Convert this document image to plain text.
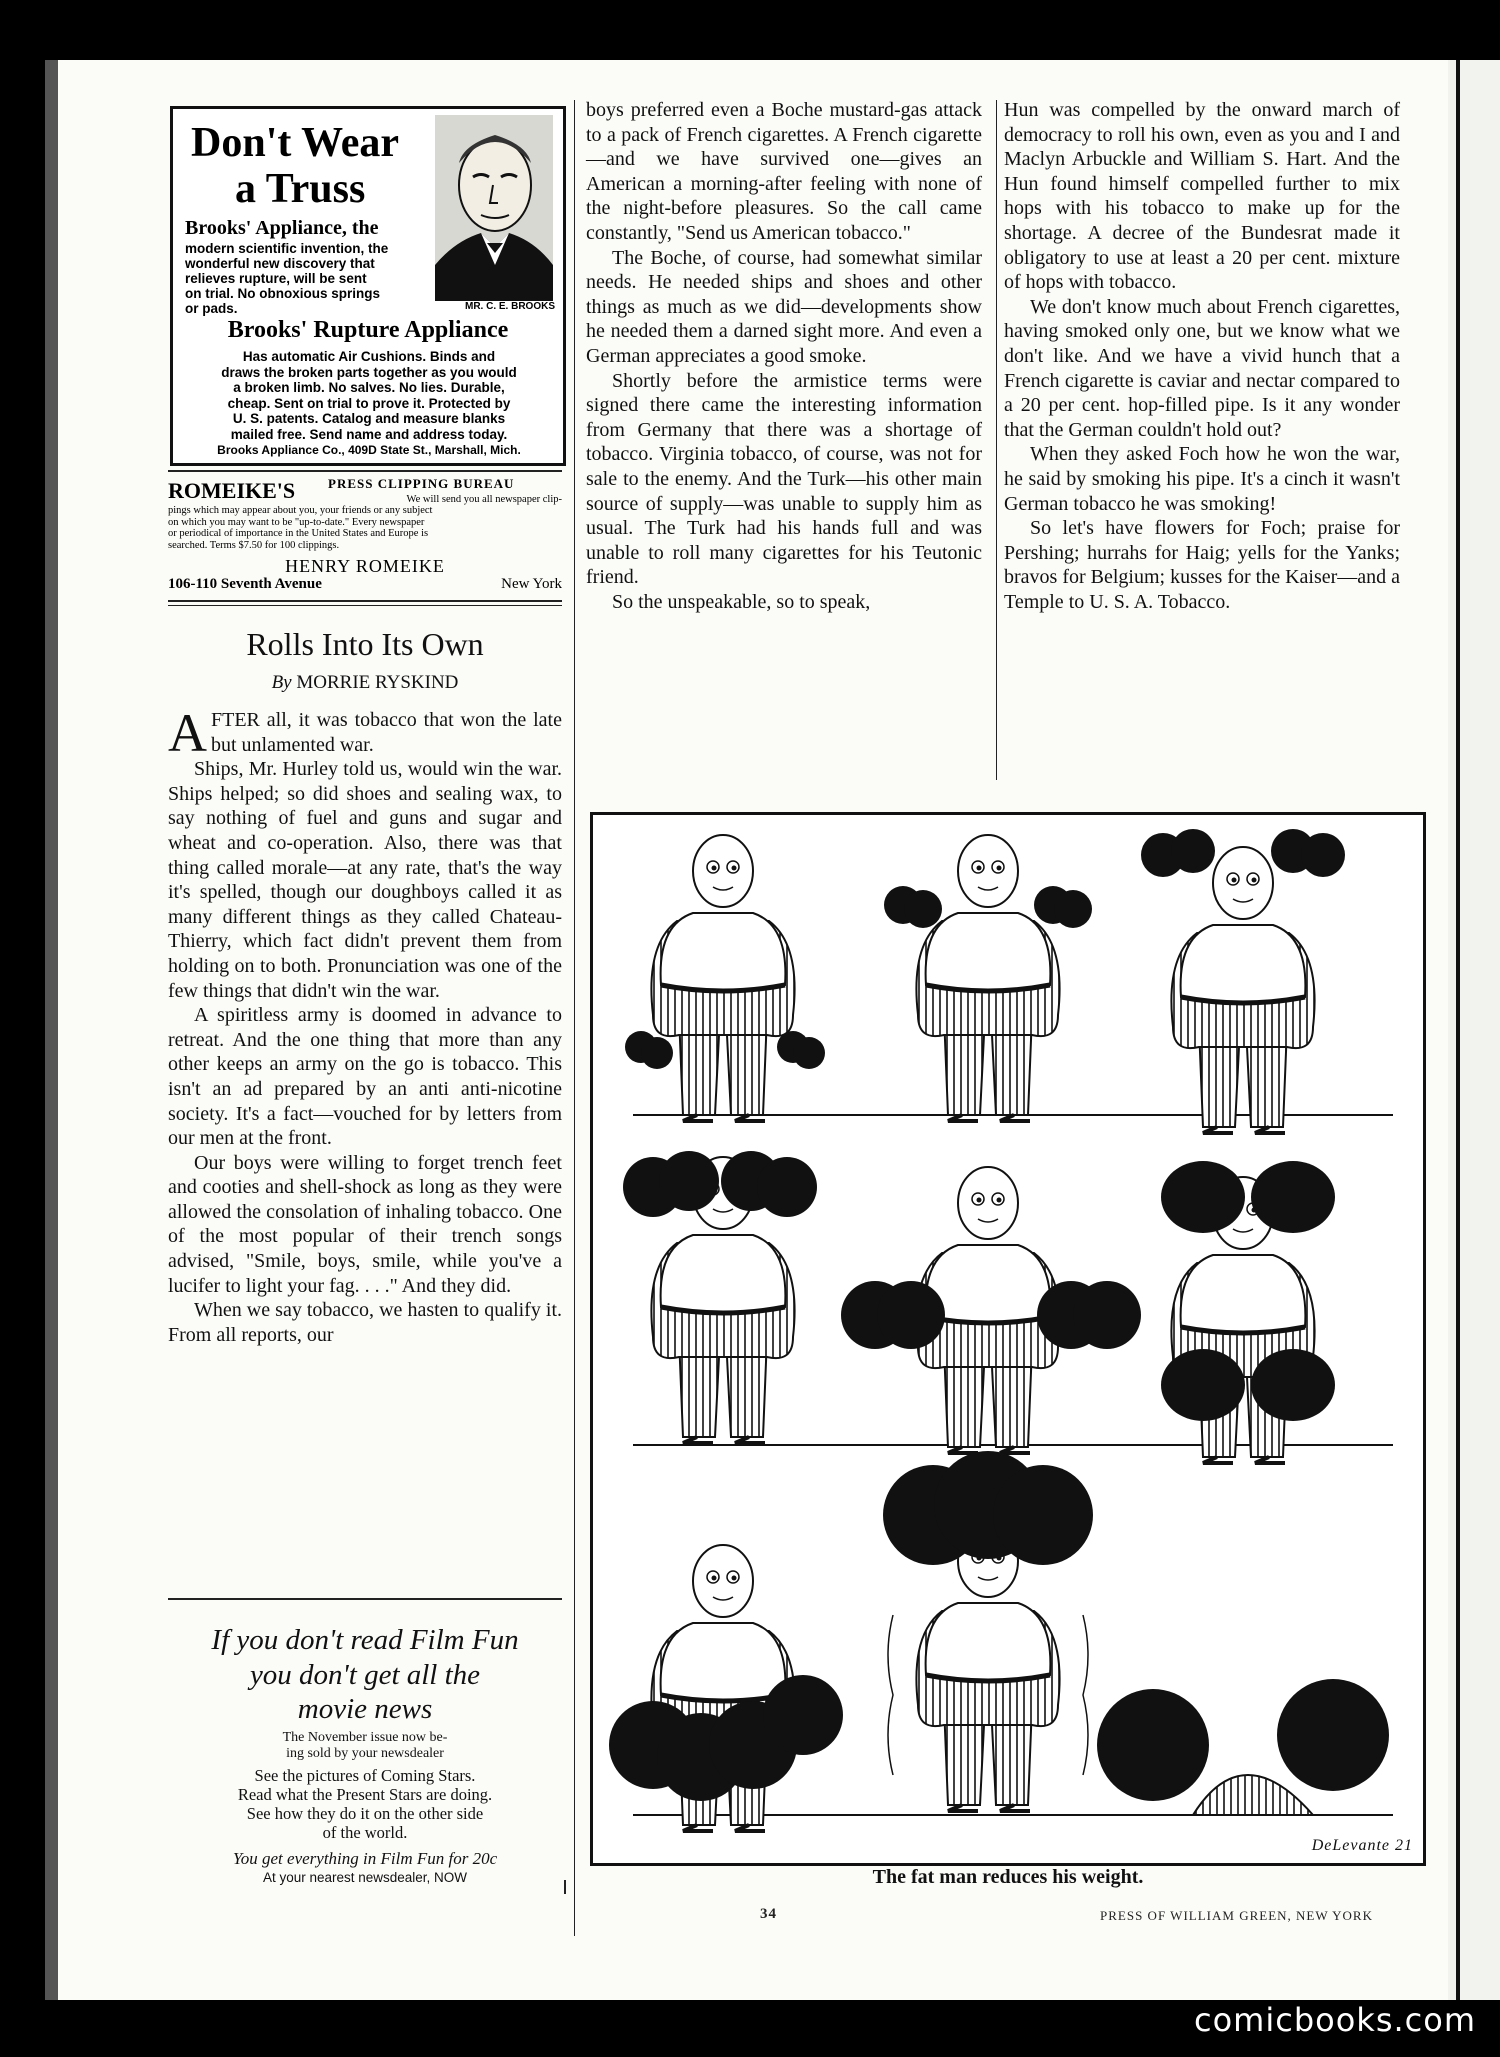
Don't Wear
a Truss
Brooks' Appliance, the
modern scientific invention, the
wonderful new discovery that
relieves rupture, will be sent
on trial. No obnoxious springs
or pads.	MR. C. E. BROOKS
Brooks' Rupture Appliance
Has automatic Air Cushions. Binds and
draws the broken parts together as you would
a broken limb. No salves. No lies. Durable,
cheap. Sent on trial to prove it. Protected by
U. S. patents. Catalog and measure blanks
mailed free. Send name and address today.
Brooks Appliance Co., 409D State St., Marshall, Mich.
ROMEIKE'S	PRESS CLIPPING BUREAU
We will send you all newspaper clip-
pings which may appear about you, your friends or any subject
on which you may want to be "up-to-date." Every newspaper
or periodical of importance in the United States and Europe is
searched. Terms $7.50 for 100 clippings.
HENRY ROMEIKE
106-110 Seventh Avenue	New York
Rolls Into Its Own
By MORRIE RYSKIND

AFTER all, it was tobacco that won the late but unlamented war.

Ships, Mr. Hurley told us, would win the war. Ships helped; so did shoes and sealing wax, to say nothing of fuel and guns and sugar and wheat and co-operation. Also, there was that thing called morale—at any rate, that's the way it's spelled, though our doughboys called it as many different things as they called Chateau-Thierry, which fact didn't prevent them from holding on to both. Pronunciation was one of the few things that didn't win the war.

A spiritless army is doomed in advance to retreat. And the one thing that more than any other keeps an army on the go is tobacco. This isn't an ad prepared by an anti anti-nicotine society. It's a fact—vouched for by letters from our men at the front.

Our boys were willing to forget trench feet and cooties and shell-shock as long as they were allowed the consolation of inhaling tobacco. One of the most popular of their trench songs advised, "Smile, boys, smile, while you've a lucifer to light your fag. . . ." And they did.

When we say tobacco, we hasten to qualify it. From all reports, our

If you don't read Film Fun
you don't get all the
movie news
The November issue now be-
ing sold by your newsdealer
See the pictures of Coming Stars.
Read what the Present Stars are doing.
See how they do it on the other side
of the world.
You get everything in Film Fun for 20c
At your nearest newsdealer, NOW

boys preferred even a Boche mustard-gas attack to a pack of French cigarettes. A French cigarette—and we have survived one—gives an American a morning-after feeling with none of the night-before pleasures. So the call came constantly, "Send us American tobacco."

The Boche, of course, had somewhat similar needs. He needed ships and shoes and other things as much as we did—developments show he needed them a darned sight more. And even a German appreciates a good smoke.

Shortly before the armistice terms were signed there came the interesting information from Germany that there was a shortage of tobacco. Virginia tobacco, of course, was not for sale to the enemy. And the Turk—his other main source of supply—was unable to supply him as usual. The Turk had his hands full and was unable to roll many cigarettes for his Teutonic friend.

So the unspeakable, so to speak,

Hun was compelled by the onward march of democracy to roll his own, even as you and I and Maclyn Arbuckle and William S. Hart. And the Hun found himself compelled further to mix hops with his tobacco to make up for the shortage. A decree of the Bundesrat made it obligatory to use at least a 20 per cent. mixture of hops with tobacco.

We don't know much about French cigarettes, having smoked only one, but we know what we don't like. And we have a vivid hunch that a French cigarette is caviar and nectar compared to a 20 per cent. hop-filled pipe. Is it any wonder that the German couldn't hold out?

When they asked Foch how he won the war, he said by smoking his pipe. It's a cinch it wasn't German tobacco he was smoking!

So let's have flowers for Foch; praise for Pershing; hurrahs for Haig; yells for the Yanks; bravos for Belgium; kusses for the Kaiser—and a Temple to U. S. A. Tobacco.

DeLevante 21
The fat man reduces his weight.
34	PRESS OF WILLIAM GREEN, NEW YORK
comicbooks.com
